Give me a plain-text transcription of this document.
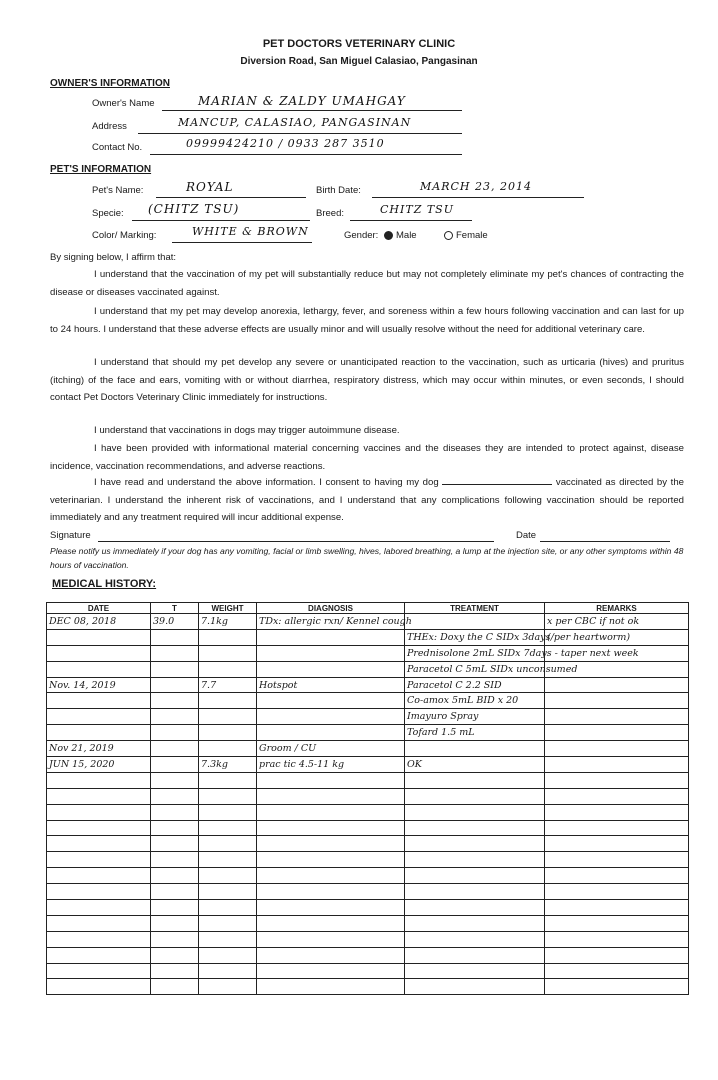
PET DOCTORS VETERINARY CLINIC
Diversion Road, San Miguel Calasiao, Pangasinan
OWNER'S INFORMATION
Owner's Name	MARIAN & ZALDY UMAHGAY
Address	MANCUP, CALASIAO, PANGASINAN
Contact No.	09999424210 / 0933 287 3510
PET'S INFORMATION
Pet's Name:	ROYAL	Birth Date:	MARCH 23, 2014
Specie: (CHITZ TSU)	Breed:	CHITZ TSU
Color/ Marking:	WHITE & BROWN	Gender:	Male	Female
By signing below, I affirm that:
I understand that the vaccination of my pet will substantially reduce but may not completely eliminate my pet's chances of contracting the disease or diseases vaccinated against.
I understand that my pet may develop anorexia, lethargy, fever, and soreness within a few hours following vaccination and can last for up to 24 hours. I understand that these adverse effects are usually minor and will usually resolve without the need for additional veterinary care.
I understand that should my pet develop any severe or unanticipated reaction to the vaccination, such as urticaria (hives) and pruritus (itching) of the face and ears, vomiting with or without diarrhea, respiratory distress, which may occur within minutes, or even seconds, I should contact Pet Doctors Veterinary Clinic immediately for instructions.
I understand that vaccinations in dogs may trigger autoimmune disease.
I have been provided with informational material concerning vaccines and the diseases they are intended to protect against, disease incidence, vaccination recommendations, and adverse reactions.
I have read and understand the above information. I consent to having my dog	vaccinated as directed by the veterinarian. I understand the inherent risk of vaccinations, and I understand that any complications following vaccination should be reported immediately and any treatment required will incur additional expense.
Signature	Date
Please notify us immediately if your dog has any vomiting, facial or limb swelling, hives, labored breathing, a lump at the injection site, or any other symptoms within 48 hours of vaccination.
MEDICAL HISTORY:
DATE	T	WEIGHT	DIAGNOSIS	TREATMENT	REMARKS
DEC 08, 2018	39.0	7.1kg	TDx: allergic rxn/ Kennel cough		x per CBC if not ok
				THEx: Doxy the C SIDx 3days	(/per heartworm)
				Prednisolone 2mL SIDx 7days - taper next week	
				Paracetol C 5mL SIDx unconsumed	
Nov. 14, 2019		7.7	Hotspot	Paracetol C 2.2 SID	
				Co-amox 5mL BID x 20	
				Imayuro Spray	
				Tofard 1.5 mL	
Nov 21, 2019			Groom / CU		
JUN 15, 2020		7.3kg	prac tic 4.5-11 kg	OK	
